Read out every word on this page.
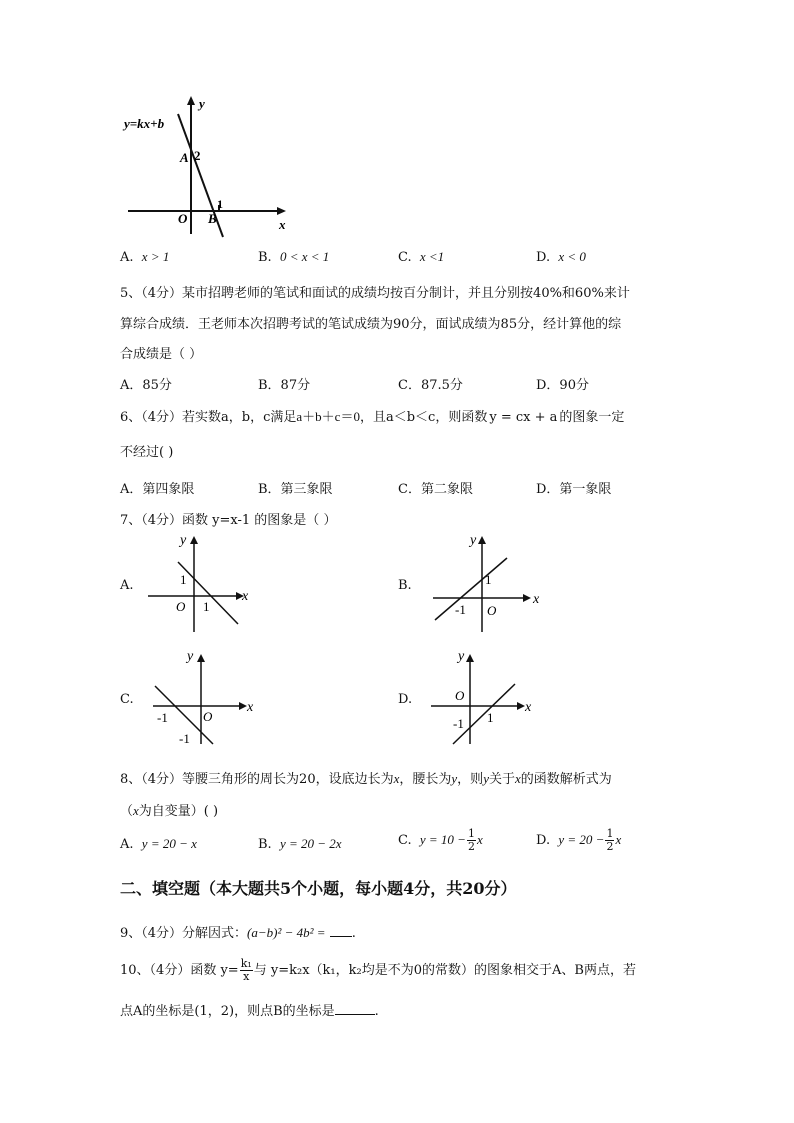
y=kx+b
y
x
A 2
O B
1
A. x > 1	B. 0 < x < 1	C. x <1	D. x < 0
5、（4分）某市招聘老师的笔试和面试的成绩均按百分制计，并且分别按40%和60%来计
算综合成绩．王老师本次招聘考试的笔试成绩为90分，面试成绩为85分，经计算他的综
合成绩是（ ）
A．85分	B．87分	C．87.5分	D．90分
6、（4分）若实数a，b，c满足a＋b＋c＝0，且a＜b＜c，则函数 y = cx + a 的图象一定
不经过( )
A．第四象限	B．第三象限	C．第二象限	D．第一象限
7、（4分）函数 y=x-1 的图象是（ ）
A.
y
x
1
O 1
B.
y
x
1
-1 O
C.
y
x
-1	O
-1
D.
y
x
O
-1 1
8、（4分）等腰三角形的周长为20，设底边长为x，腰长为y，则y关于x的函数解析式为
（x为自变量）( )
A. y = 20 − x	B. y = 20 − 2x	C. $y = 10 - \frac{1}{2}$ x	D. $y = 20 - \frac{1}{2}$ x
二、填空题（本大题共5个小题，每小题4分，共20分）
9、（4分）分解因式：(a−b)² − 4b² = .
10、（4分）函数 $y= \frac{\text{k₁}}{x}$ 与 y=k₂x（k₁，k₂均是不为0的常数）的图象相交于A、B两点，若
点A的坐标是(1，2)，则点B的坐标是	.
